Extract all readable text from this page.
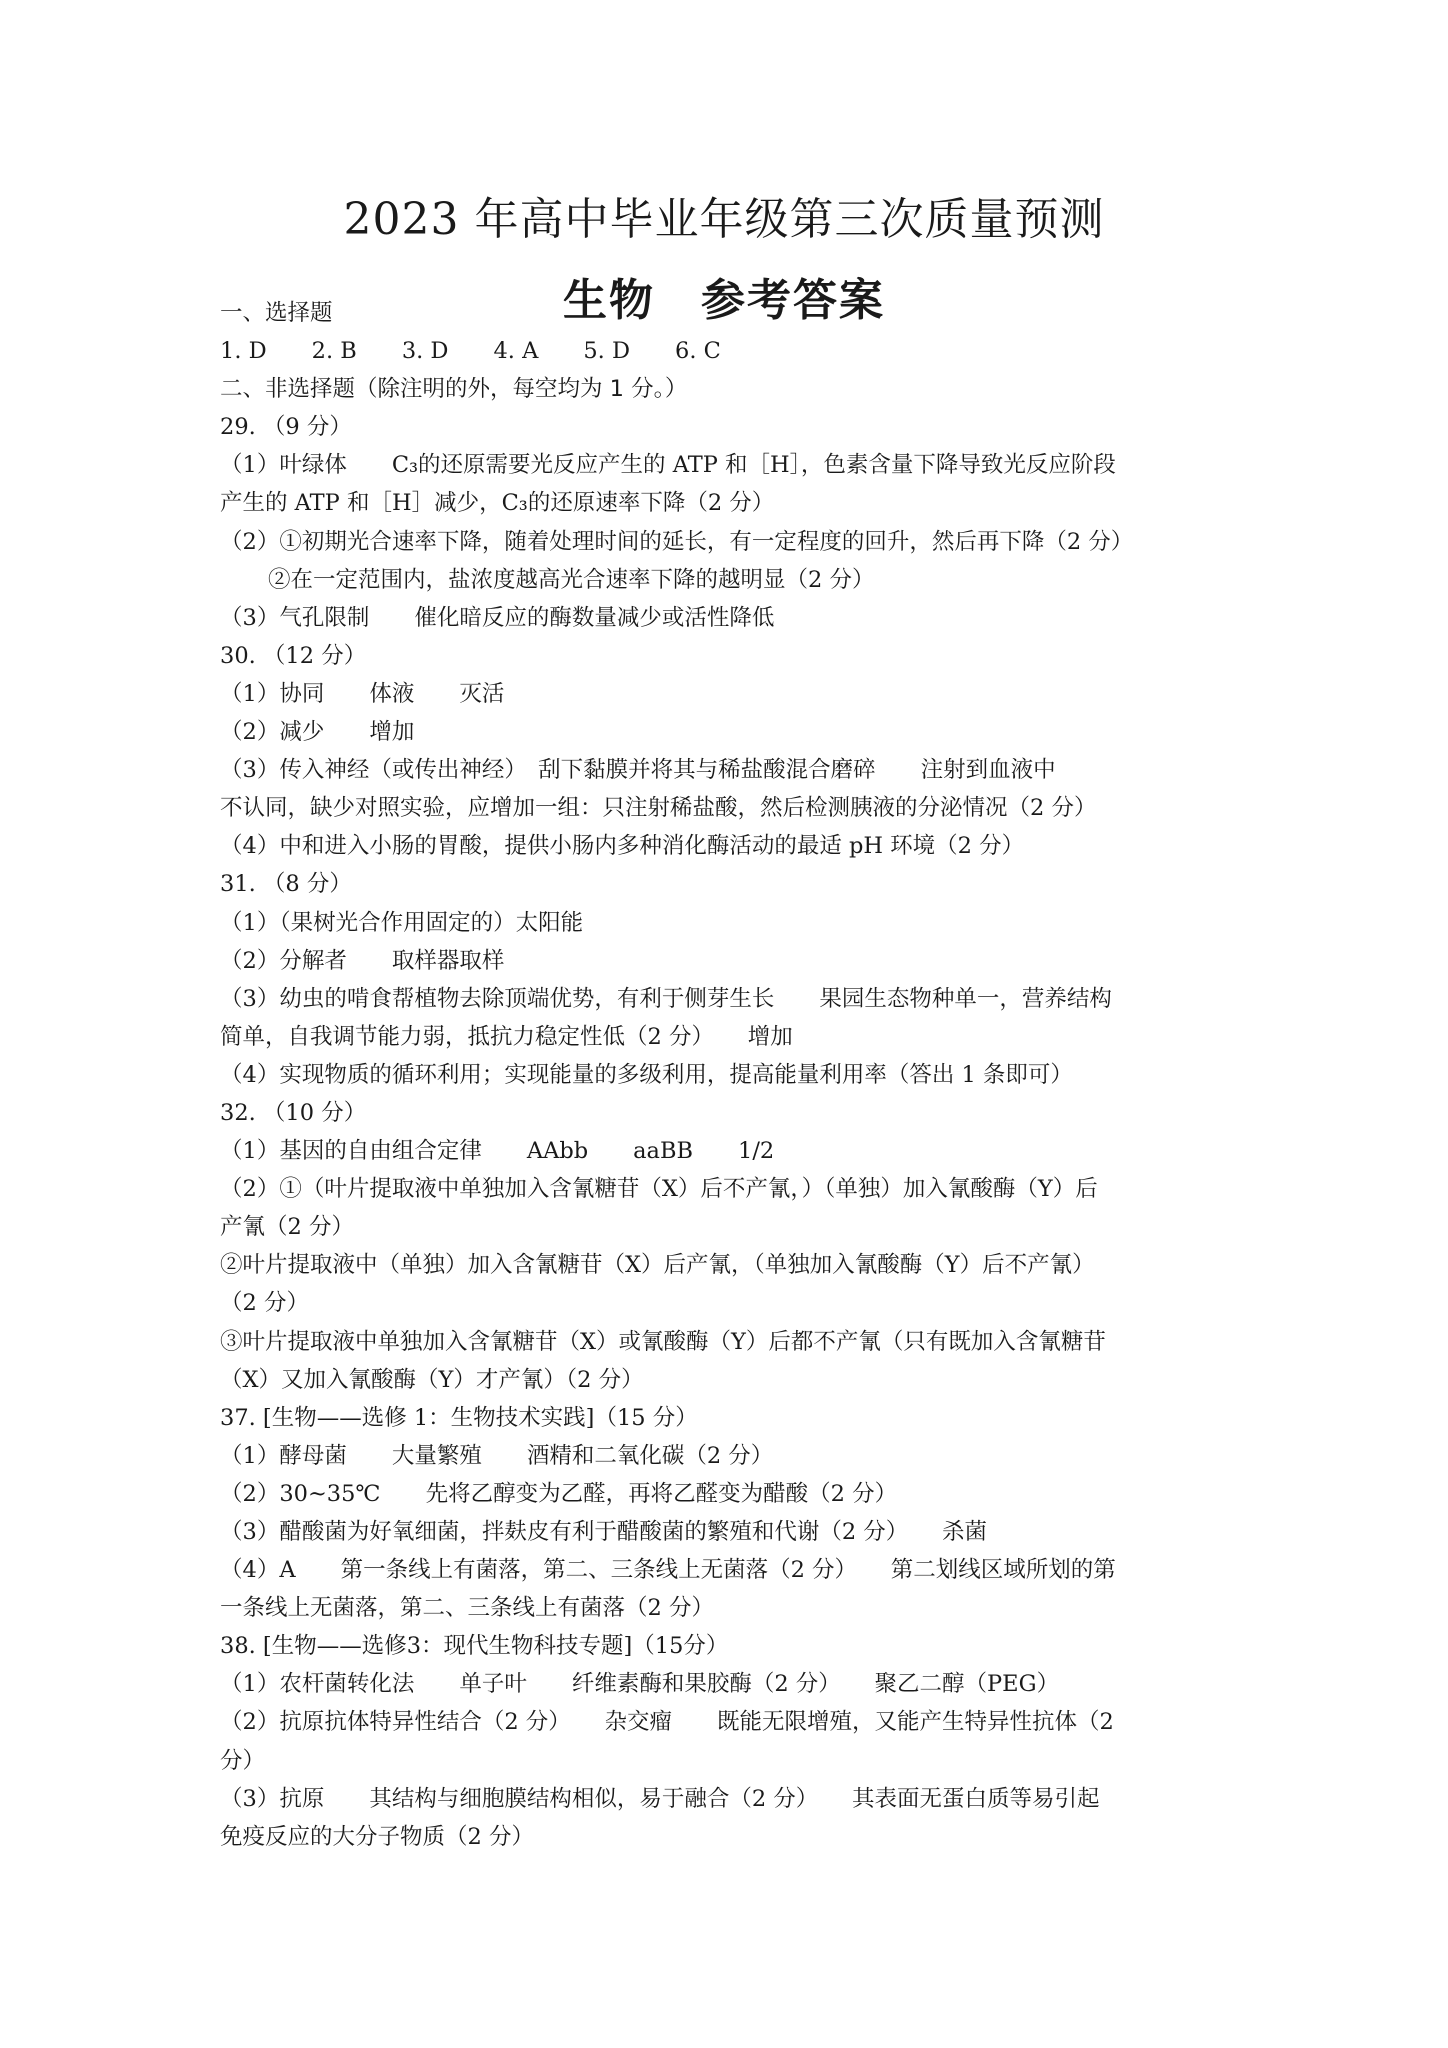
2023 年高中毕业年级第三次质量预测
生物　参考答案
一、选择题
1. D　　2. B　　3. D　　4. A　　5. D　　6. C
二、非选择题（除注明的外，每空均为 1 分。）
29. （9 分）
（1）叶绿体　　C₃的还原需要光反应产生的 ATP 和［H］，色素含量下降导致光反应阶段
产生的 ATP 和［H］减少，C₃的还原速率下降（2 分）
（2）①初期光合速率下降，随着处理时间的延长，有一定程度的回升，然后再下降（2 分）
②在一定范围内，盐浓度越高光合速率下降的越明显（2 分）
（3）气孔限制　　催化暗反应的酶数量减少或活性降低
30. （12 分）
（1）协同　　体液　　灭活
（2）减少　　增加
（3）传入神经（或传出神经）　刮下黏膜并将其与稀盐酸混合磨碎　　注射到血液中
不认同，缺少对照实验，应增加一组：只注射稀盐酸，然后检测胰液的分泌情况（2 分）
（4）中和进入小肠的胃酸，提供小肠内多种消化酶活动的最适 pH 环境（2 分）
31. （8 分）
（1）（果树光合作用固定的）太阳能
（2）分解者　　取样器取样
（3）幼虫的啃食帮植物去除顶端优势，有利于侧芽生长　　果园生态物种单一，营养结构
简单，自我调节能力弱，抵抗力稳定性低（2 分）　　增加
（4）实现物质的循环利用；实现能量的多级利用，提高能量利用率（答出 1 条即可）
32. （10 分）
（1）基因的自由组合定律　　AAbb　　aaBB　　1/2
（2）①（叶片提取液中单独加入含氰糖苷（X）后不产氰，）（单独）加入氰酸酶（Y）后
产氰（2 分）
②叶片提取液中（单独）加入含氰糖苷（X）后产氰，（单独加入氰酸酶（Y）后不产氰）
（2 分）
③叶片提取液中单独加入含氰糖苷（X）或氰酸酶（Y）后都不产氰（只有既加入含氰糖苷
（X）又加入氰酸酶（Y）才产氰）（2 分）
37. [生物——选修 1：生物技术实践]（15 分）
（1）酵母菌　　大量繁殖　　酒精和二氧化碳（2 分）
（2）30~35℃　　先将乙醇变为乙醛，再将乙醛变为醋酸（2 分）
（3）醋酸菌为好氧细菌，拌麸皮有利于醋酸菌的繁殖和代谢（2 分）　　杀菌
（4）A　　第一条线上有菌落，第二、三条线上无菌落（2 分）　　第二划线区域所划的第
一条线上无菌落，第二、三条线上有菌落（2 分）
38. [生物——选修3：现代生物科技专题]（15分）
（1）农杆菌转化法　　单子叶　　纤维素酶和果胶酶（2 分）　　聚乙二醇（PEG）
（2）抗原抗体特异性结合（2 分）　　杂交瘤　　既能无限增殖，又能产生特异性抗体（2
分）
（3）抗原　　其结构与细胞膜结构相似，易于融合（2 分）　　其表面无蛋白质等易引起
免疫反应的大分子物质（2 分）
